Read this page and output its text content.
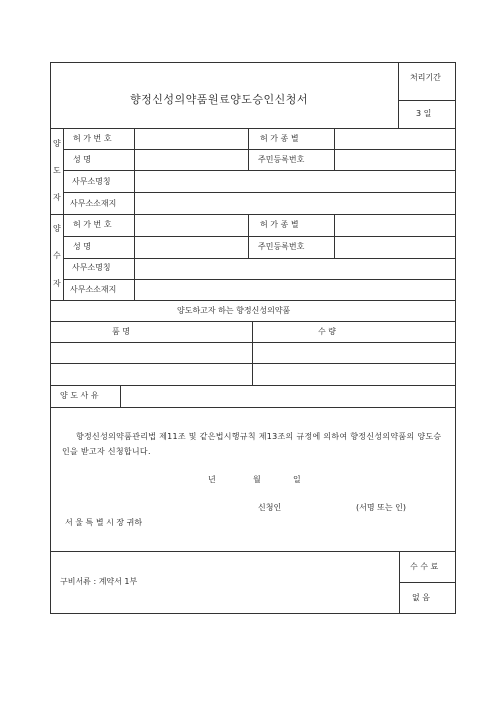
향정신성의약품원료양도승인신청서
처리기간
3 일
양
도
자
허 가 번 호	허 가 종 별
성 명	주민등록번호
사무소명칭
사무소소재지
양
수
자
허 가 번 호	허 가 종 별
성 명	주민등록번호
사무소명칭
사무소소재지
양도하고자 하는 향정신성의약품
품 명	수 량
양 도 사 유
향정신성의약품관리법 제11조 및 같은법시행규칙 제13조의 규정에 의하여 향정신성의약품의 양도승인을 받고자 신청합니다.
년	월	일
신청인	(서명 또는 인)
서 울 특 별 시 장 귀하
구비서류 : 계약서 1부
수 수 료
없 음
